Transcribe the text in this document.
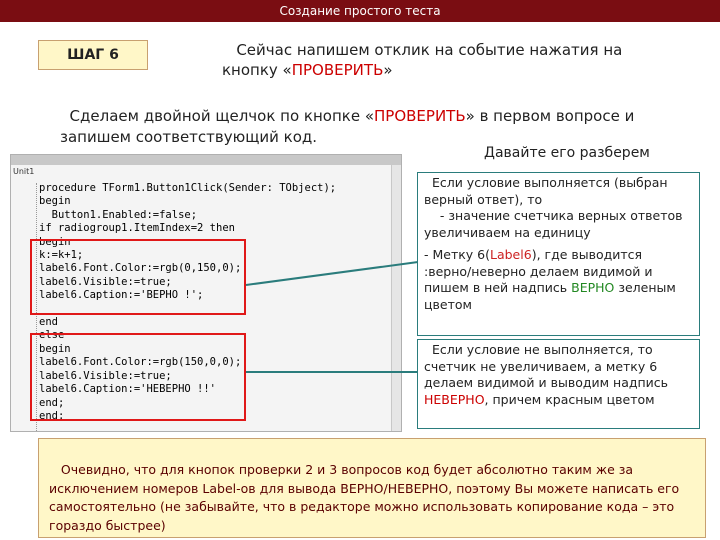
Создание простого теста
ШАГ 6	Сейчас напишем отклик на событие нажатия на кнопку «ПРОВЕРИТЬ»
Сделаем двойной щелчок по кнопке «ПРОВЕРИТЬ» в первом вопросе и запишем соответствующий код.
Unit1
procedure TForm1.Button1Click(Sender: TObject);
begin
Button1.Enabled:=false;
if radiogroup1.ItemIndex=2 then
begin
k:=k+1;
label6.Font.Color:=rgb(0,150,0);
label6.Visible:=true;
label6.Caption:='ВЕРНО !';

end
else
begin
label6.Font.Color:=rgb(150,0,0);
label6.Visible:=true;
label6.Caption:='НЕВЕРНО !!'
end;
end;
Давайте его разберем

Если условие выполняется (выбран верный ответ), то

- значение счетчика верных ответов увеличиваем на единицу

- Метку 6(Label6), где выводится :верно/неверно делаем видимой и пишем в ней надпись ВЕРНО зеленым цветом

Если условие не выполняется, то счетчик не увеличиваем, а метку 6 делаем видимой и выводим надпись НЕВЕРНО, причем красным цветом

Очевидно, что для кнопок проверки 2 и 3 вопросов код будет абсолютно таким же за исключением номеров Label-ов для вывода ВЕРНО/НЕВЕРНО, поэтому Вы можете написать его самостоятельно (не забывайте, что в редакторе можно использовать копирование кода – это гораздо быстрее)
